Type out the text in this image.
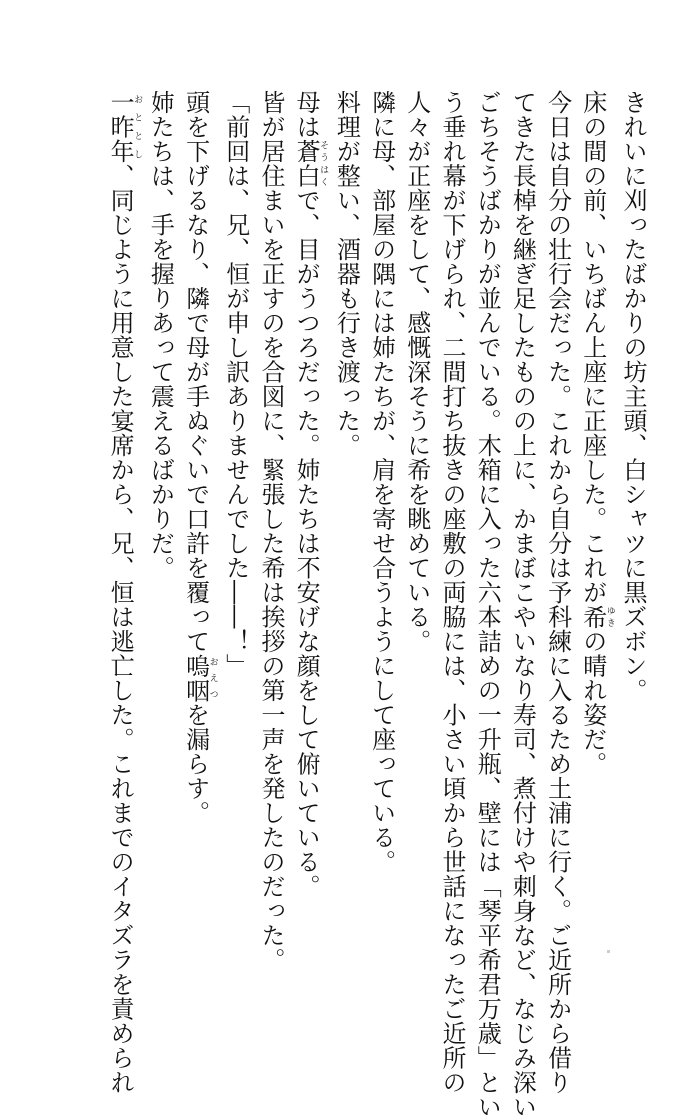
きれいに刈ったばかりの坊主頭、白シャツに黒ズボン。
床の間の前、いちばん上座に正座した。これが希ゆきの晴れ姿だ。
今日は自分の壮行会だった。これから自分は予科練に入るため土浦に行く。ご近所から借り
てきた長棹を継ぎ足したものの上に、かまぼこやいなり寿司、煮付けや刺身など、なじみ深い
ごちそうばかりが並んでいる。木箱に入った六本詰めの一升瓶、壁には「琴平希君万歳」とい
う垂れ幕が下げられ、二間打ち抜きの座敷の両脇には、小さい頃から世話になったご近所の
人々が正座をして、感慨深そうに希を眺めている。
隣に母、部屋の隅には姉たちが、肩を寄せ合うようにして座っている。
料理が整い、酒器も行き渡った。
母は蒼白そうはくで、目がうつろだった。姉たちは不安げな顔をして俯いている。
皆が居住まいを正すのを合図に、緊張した希は挨拶の第一声を発したのだった。
「前回は、兄、恒が申し訳ありませんでした――！」
頭を下げるなり、隣で母が手ぬぐいで口許を覆って嗚咽おえつを漏らす。
姉たちは、手を握りあって震えるばかりだ。
一昨年おととし、同じように用意した宴席から、兄、恒は逃亡した。これまでのイタズラを責められ
